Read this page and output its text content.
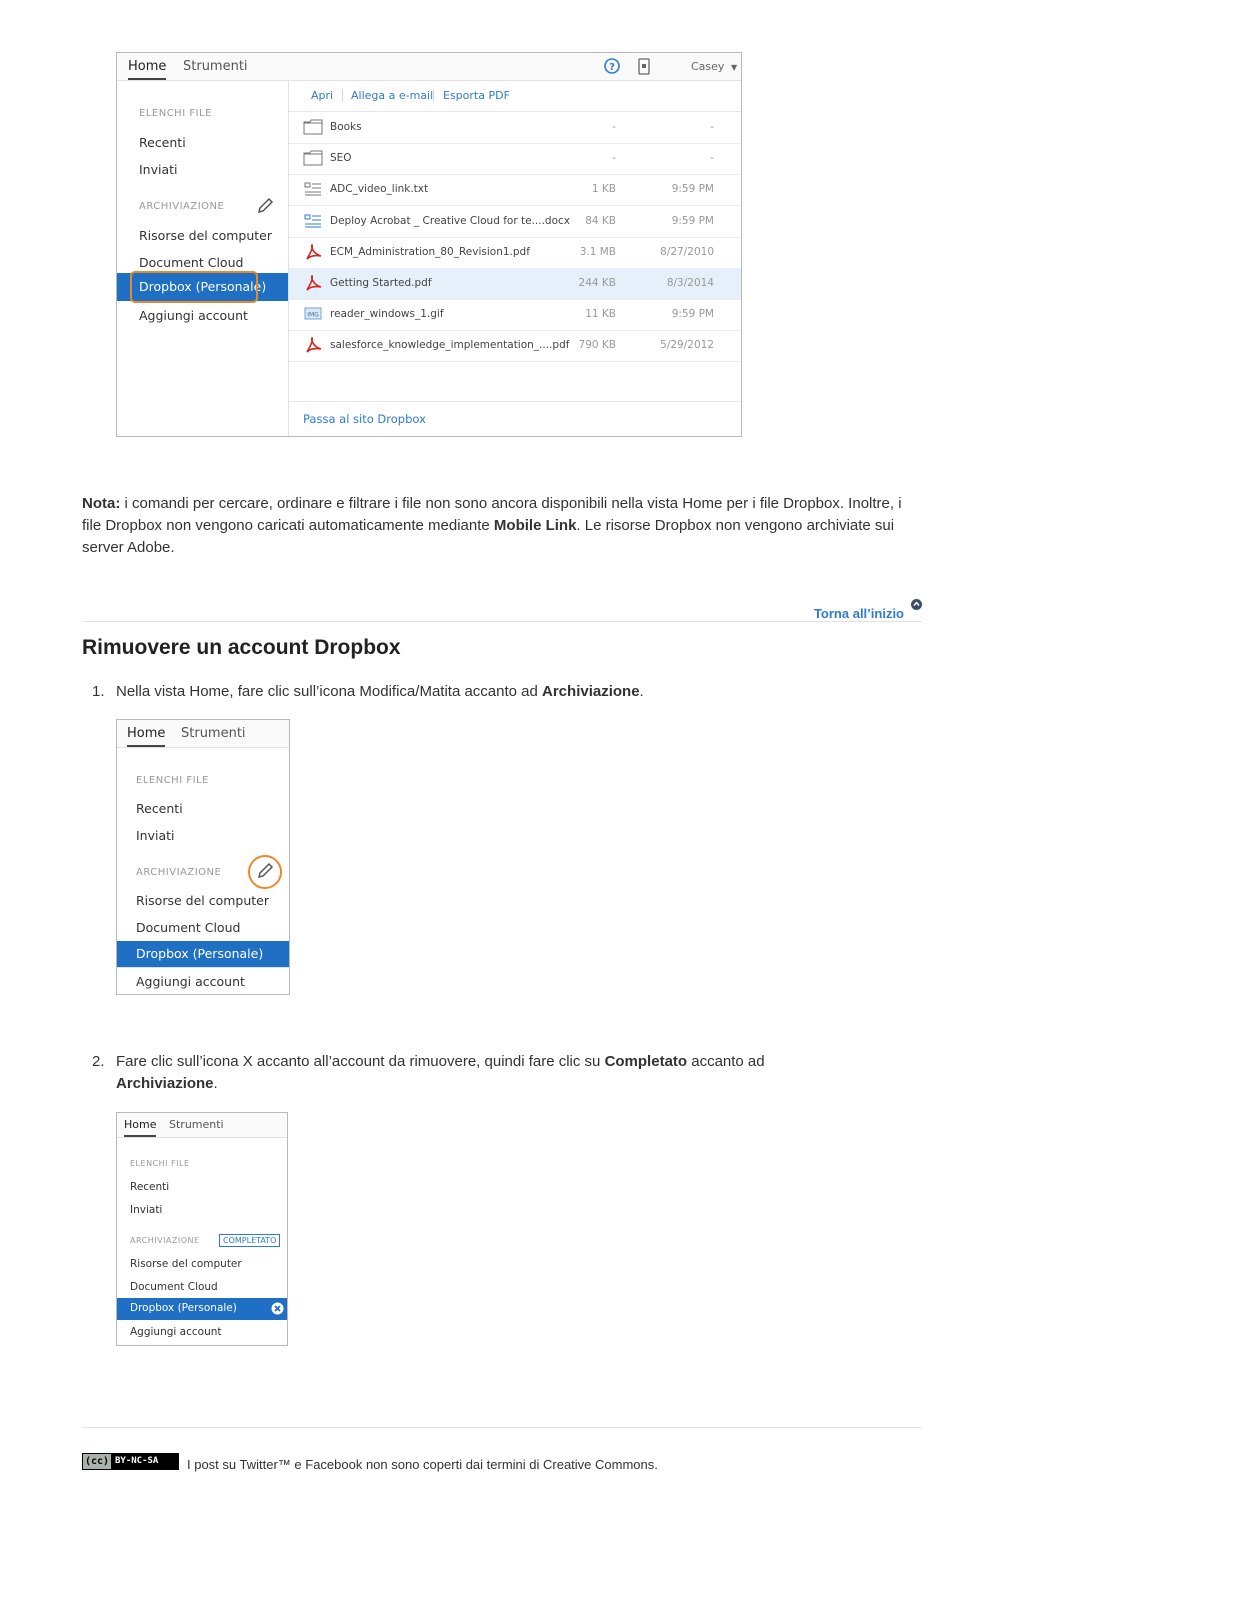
Home Strumenti	?	Casey ▼
ELENCHI FILE
Recenti
Inviati
ARCHIVIAZIONE
Risorse del computer
Document Cloud
Dropbox (Personale)
Aggiungi account
Apri Allega a e-mail Esporta PDF
Books	-	-
SEO	-	-
ADC_video_link.txt	1 KB	9:59 PM
Deploy Acrobat _ Creative Cloud for te....docx 84 KB	9:59 PM
ECM_Administration_80_Revision1.pdf	3.1 MB	8/27/2010
Getting Started.pdf	244 KB	8/3/2014
IMG reader_windows_1.gif	11 KB	9:59 PM
salesforce_knowledge_implementation_....pdf 790 KB	5/29/2012
Passa al sito Dropbox
Nota: i comandi per cercare, ordinare e filtrare i file non sono ancora disponibili nella vista Home per i file Dropbox. Inoltre, i file Dropbox non vengono caricati automaticamente mediante Mobile Link. Le risorse Dropbox non vengono archiviate sui server Adobe.
Torna all’inizio
Rimuovere un account Dropbox
1. Nella vista Home, fare clic sull’icona Modifica/Matita accanto ad Archiviazione.
Home Strumenti
ELENCHI FILE
Recenti
Inviati
ARCHIVIAZIONE
Risorse del computer
Document Cloud
Dropbox (Personale)
Aggiungi account
2. Fare clic sull’icona X accanto all’account da rimuovere, quindi fare clic su Completato accanto ad Archiviazione.
Home Strumenti
ELENCHI FILE
Recenti
Inviati
ARCHIVIAZIONE	COMPLETATO
Risorse del computer
Document Cloud
Dropbox (Personale)
Aggiungi account
(cc) BY-NC-SA I post su Twitter™ e Facebook non sono coperti dai termini di Creative Commons.
